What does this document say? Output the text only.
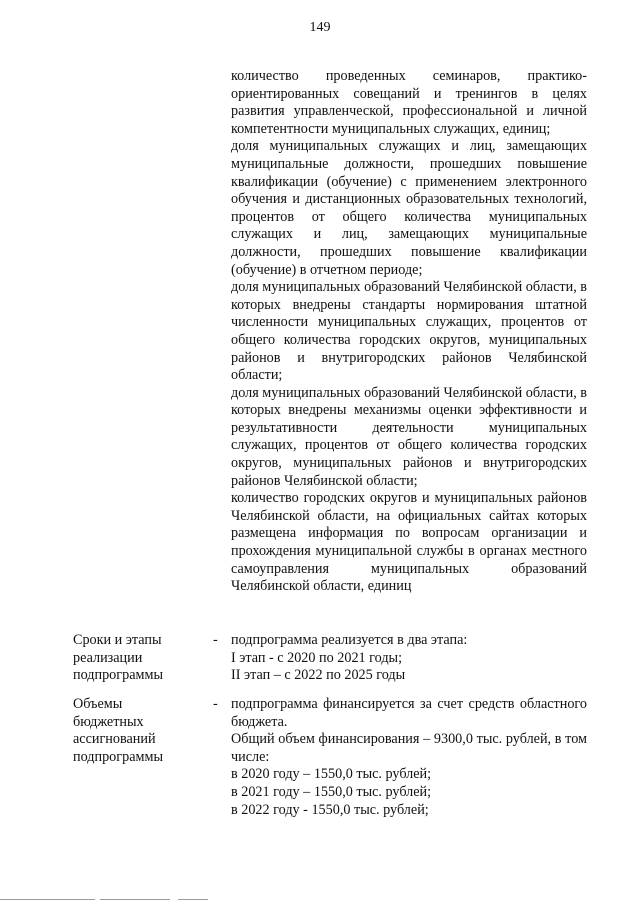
149

количество проведенных семинаров, практико-ориентированных совещаний и тренингов в целях развития управленческой, профессиональной и личной компетентности муниципальных служащих, единиц;

доля муниципальных служащих и лиц, замещающих муниципальные должности, прошедших повышение квалификации (обучение) с применением электронного обучения и дистанционных образовательных технологий, процентов от общего количества муниципальных служащих и лиц, замещающих муниципальные должности, прошедших повышение квалификации (обучение) в отчетном периоде;

доля муниципальных образований Челябинской области, в которых внедрены стандарты нормирования штатной численности муниципальных служащих, процентов от общего количества городских округов, муниципальных районов и внутригородских районов Челябинской области;

доля муниципальных образований Челябинской области, в которых внедрены механизмы оценки эффективности и результативности деятельности муниципальных служащих, процентов от общего количества городских округов, муниципальных районов и внутригородских районов Челябинской области;

количество городских округов и муниципальных районов Челябинской области, на официальных сайтах которых размещена информация по вопросам организации и прохождения муниципальной службы в органах местного самоуправления муниципальных образований Челябинской области, единиц

Сроки и этапы
реализации
подпрограммы
- подпрограмма реализуется в два этапа:
I этап - с 2020 по 2021 годы;
II этап – с 2022 по 2025 годы
Объемы
бюджетных
ассигнований
подпрограммы
- подпрограмма финансируется за счет средств областного бюджета.
Общий объем финансирования – 9300,0 тыс. рублей, в том числе:
в 2020 году – 1550,0 тыс. рублей;
в 2021 году – 1550,0 тыс. рублей;
в 2022 году - 1550,0 тыс. рублей;
